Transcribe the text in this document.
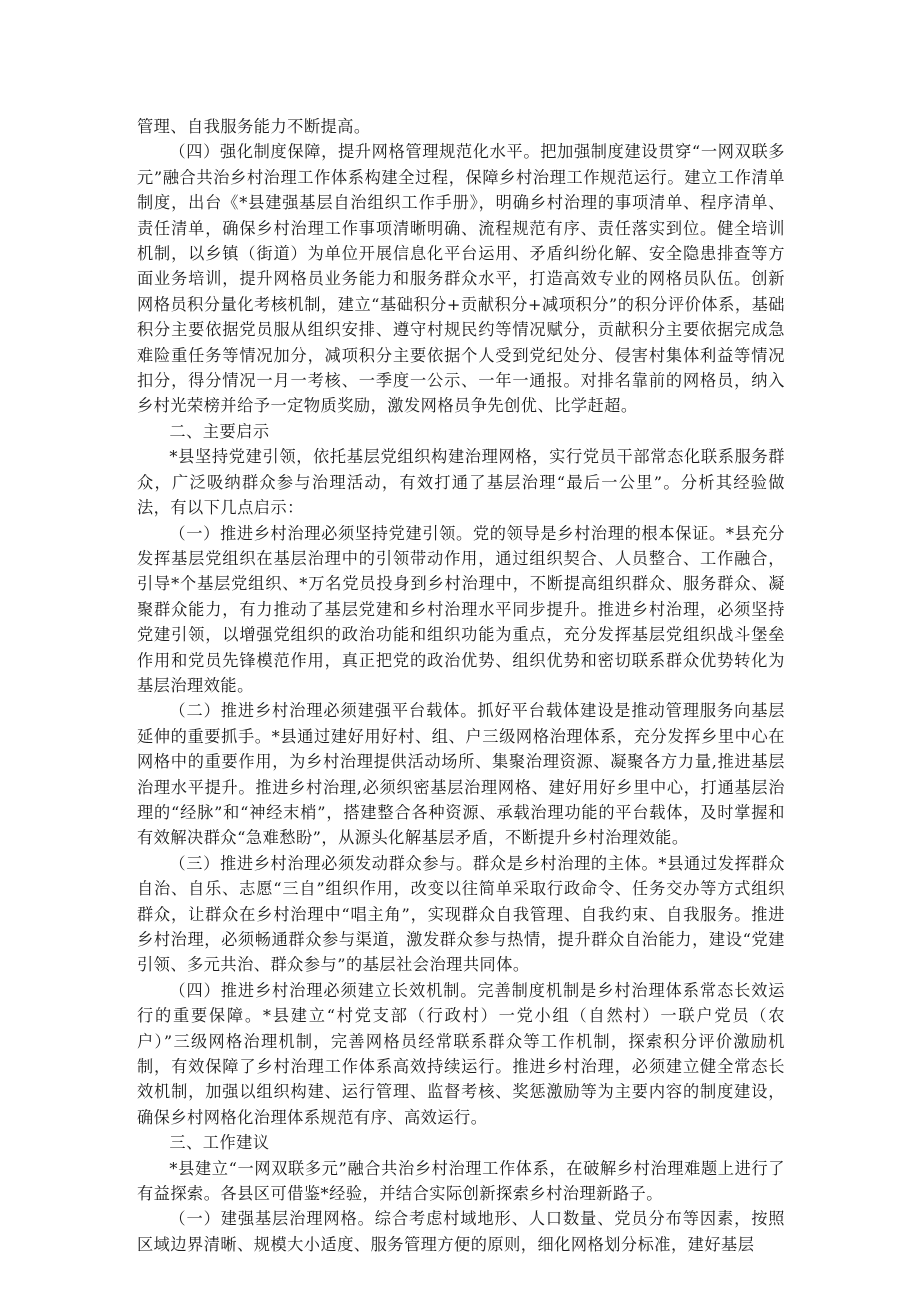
管理、自我服务能力不断提高。

（四）强化制度保障，提升网格管理规范化水平。把加强制度建设贯穿“一网双联多元”融合共治乡村治理工作体系构建全过程，保障乡村治理工作规范运行。建立工作清单制度，出台《*县建强基层自治组织工作手册》，明确乡村治理的事项清单、程序清单、责任清单，确保乡村治理工作事项清晰明确、流程规范有序、责任落实到位。健全培训机制，以乡镇（街道）为单位开展信息化平台运用、矛盾纠纷化解、安全隐患排查等方面业务培训，提升网格员业务能力和服务群众水平，打造高效专业的网格员队伍。创新网格员积分量化考核机制，建立“基础积分+贡献积分+减项积分”的积分评价体系，基础积分主要依据党员服从组织安排、遵守村规民约等情况赋分，贡献积分主要依据完成急难险重任务等情况加分，减项积分主要依据个人受到党纪处分、侵害村集体利益等情况扣分，得分情况一月一考核、一季度一公示、一年一通报。对排名靠前的网格员，纳入乡村光荣榜并给予一定物质奖励，激发网格员争先创优、比学赶超。

二、主要启示

*县坚持党建引领，依托基层党组织构建治理网格，实行党员干部常态化联系服务群众，广泛吸纳群众参与治理活动，有效打通了基层治理“最后一公里”。分析其经验做法，有以下几点启示：

（一）推进乡村治理必须坚持党建引领。党的领导是乡村治理的根本保证。*县充分发挥基层党组织在基层治理中的引领带动作用，通过组织契合、人员整合、工作融合，引导*个基层党组织、*万名党员投身到乡村治理中，不断提高组织群众、服务群众、凝聚群众能力，有力推动了基层党建和乡村治理水平同步提升。推进乡村治理，必须坚持党建引领，以增强党组织的政治功能和组织功能为重点，充分发挥基层党组织战斗堡垒作用和党员先锋模范作用，真正把党的政治优势、组织优势和密切联系群众优势转化为基层治理效能。

（二）推进乡村治理必须建强平台载体。抓好平台载体建设是推动管理服务向基层延伸的重要抓手。*县通过建好用好村、组、户三级网格治理体系，充分发挥乡里中心在网格中的重要作用，为乡村治理提供活动场所、集聚治理资源、凝聚各方力量,推进基层治理水平提升。推进乡村治理,必须织密基层治理网格、建好用好乡里中心，打通基层治理的“经脉”和“神经末梢”，搭建整合各种资源、承载治理功能的平台载体，及时掌握和有效解决群众“急难愁盼”，从源头化解基层矛盾，不断提升乡村治理效能。

（三）推进乡村治理必须发动群众参与。群众是乡村治理的主体。*县通过发挥群众自治、自乐、志愿“三自”组织作用，改变以往简单采取行政命令、任务交办等方式组织群众，让群众在乡村治理中“唱主角”，实现群众自我管理、自我约束、自我服务。推进乡村治理，必须畅通群众参与渠道，激发群众参与热情，提升群众自治能力，建设“党建引领、多元共治、群众参与”的基层社会治理共同体。

（四）推进乡村治理必须建立长效机制。完善制度机制是乡村治理体系常态长效运行的重要保障。*县建立“村党支部（行政村）一党小组（自然村）一联户党员（农户）”三级网格治理机制，完善网格员经常联系群众等工作机制，探索积分评价激励机制，有效保障了乡村治理工作体系高效持续运行。推进乡村治理，必须建立健全常态长效机制，加强以组织构建、运行管理、监督考核、奖惩激励等为主要内容的制度建设，确保乡村网格化治理体系规范有序、高效运行。

三、工作建议

*县建立“一网双联多元”融合共治乡村治理工作体系，在破解乡村治理难题上进行了有益探索。各县区可借鉴*经验，并结合实际创新探索乡村治理新路子。

（一）建强基层治理网格。综合考虑村域地形、人口数量、党员分布等因素，按照区域边界清晰、规模大小适度、服务管理方便的原则，细化网格划分标准，建好基层
